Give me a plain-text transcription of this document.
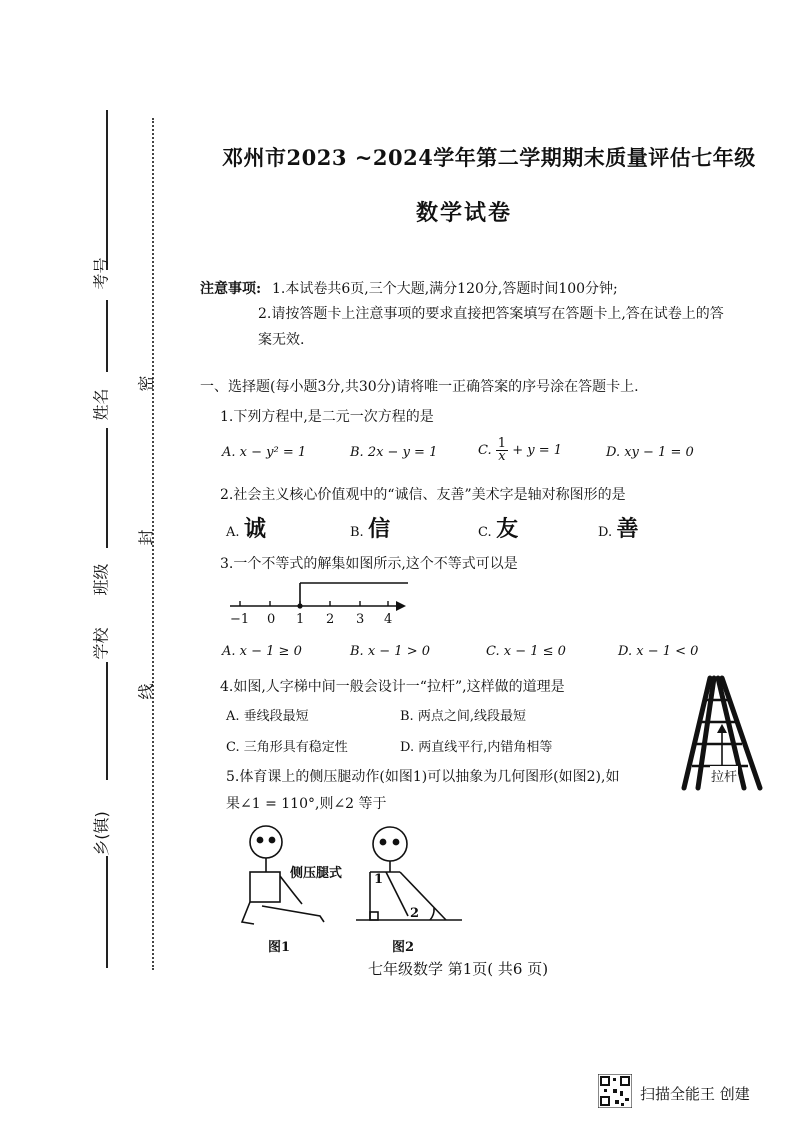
考号
姓名
班级
学校
乡(镇)
密
封
线
邓州市2023 ~2024学年第二学期期末质量评估七年级
数学试卷
注意事项: 1.本试卷共6页,三个大题,满分120分,答题时间100分钟;
2.请按答题卡上注意事项的要求直接把答案填写在答题卡上,答在试卷上的答
案无效.
一、选择题(每小题3分,共30分)请将唯一正确答案的序号涂在答题卡上.
1.下列方程中,是二元一次方程的是
A. x − y² = 1	B. 2x − y = 1	C. $\frac{1}{x} + y = 1$	D. xy − 1 = 0
2.社会主义核心价值观中的“诚信、友善”美术字是轴对称图形的是
A. 诚	B. 信	C. 友	D. 善
3.一个不等式的解集如图所示,这个不等式可以是
−1 0 1 2 3 4
A. x − 1 ≥ 0	B. x − 1 > 0	C. x − 1 ≤ 0	D. x − 1 < 0
4.如图,人字梯中间一般会设计一“拉杆”,这样做的道理是
A. 垂线段最短	B. 两点之间,线段最短
C. 三角形具有稳定性	D. 两直线平行,内错角相等
拉杆
5.体育课上的侧压腿动作(如图1)可以抽象为几何图形(如图2),如
果∠1 = 110°,则∠2 等于
侧压腿式
图1
1
2
图2
七年级数学 第1页( 共6 页)
扫描全能王 创建
